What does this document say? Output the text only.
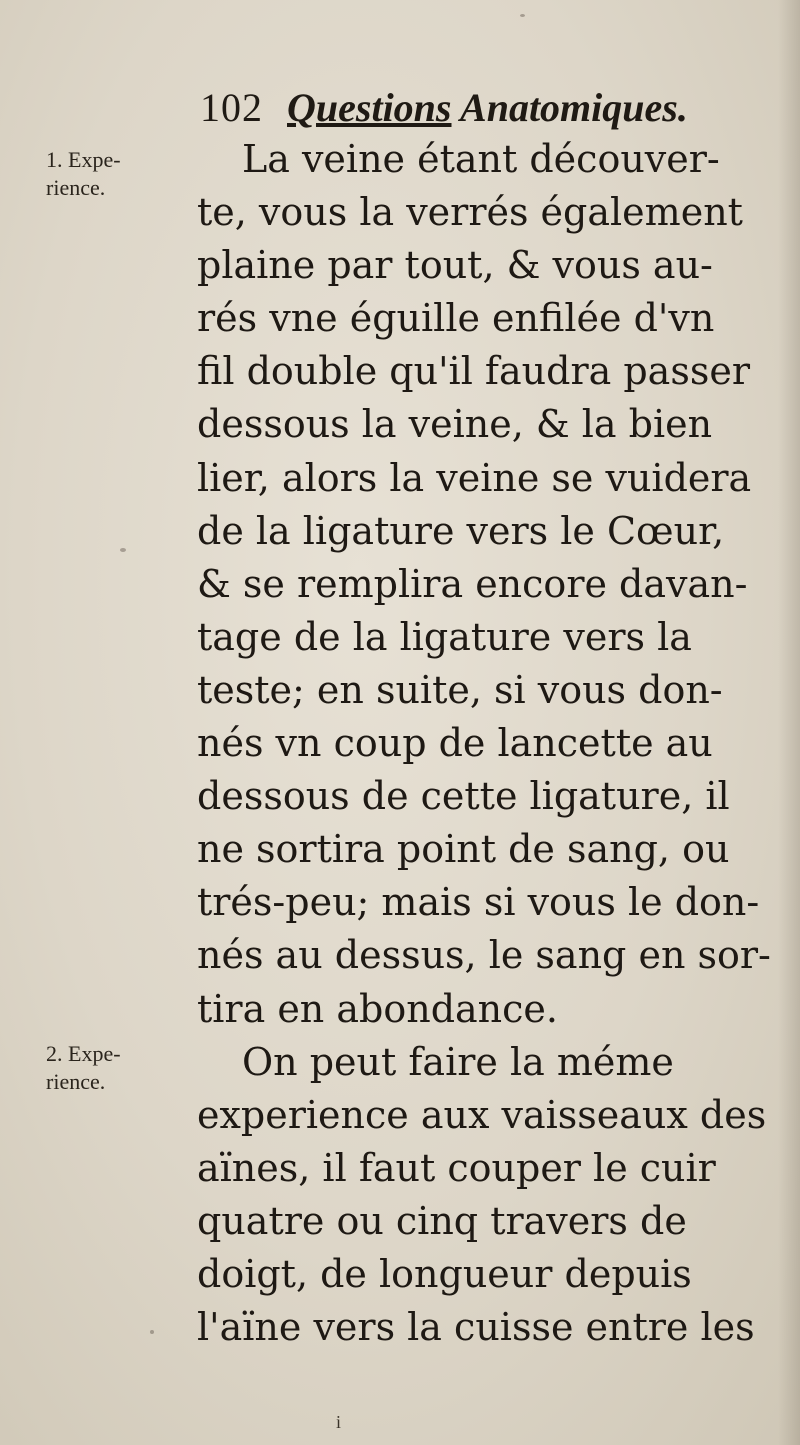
102 Questions Anatomiques.
1. Expe-
rience.
2. Expe-
rience.
La veine étant découver-
te, vous la verrés également
plaine par tout, & vous au-
rés vne éguille enfilée d'vn
fil double qu'il faudra passer
dessous la veine, & la bien
lier, alors la veine se vuidera
de la ligature vers le Cœur,
& se remplira encore davan-
tage de la ligature vers la
teste; en suite, si vous don-
nés vn coup de lancette au
dessous de cette ligature, il
ne sortira point de sang, ou
trés-peu; mais si vous le don-
nés au dessus, le sang en sor-
tira en abondance.
On peut faire la méme
experience aux vaisseaux des
aïnes, il faut couper le cuir
quatre ou cinq travers de
doigt, de longueur depuis
l'aïne vers la cuisse entre les
i
